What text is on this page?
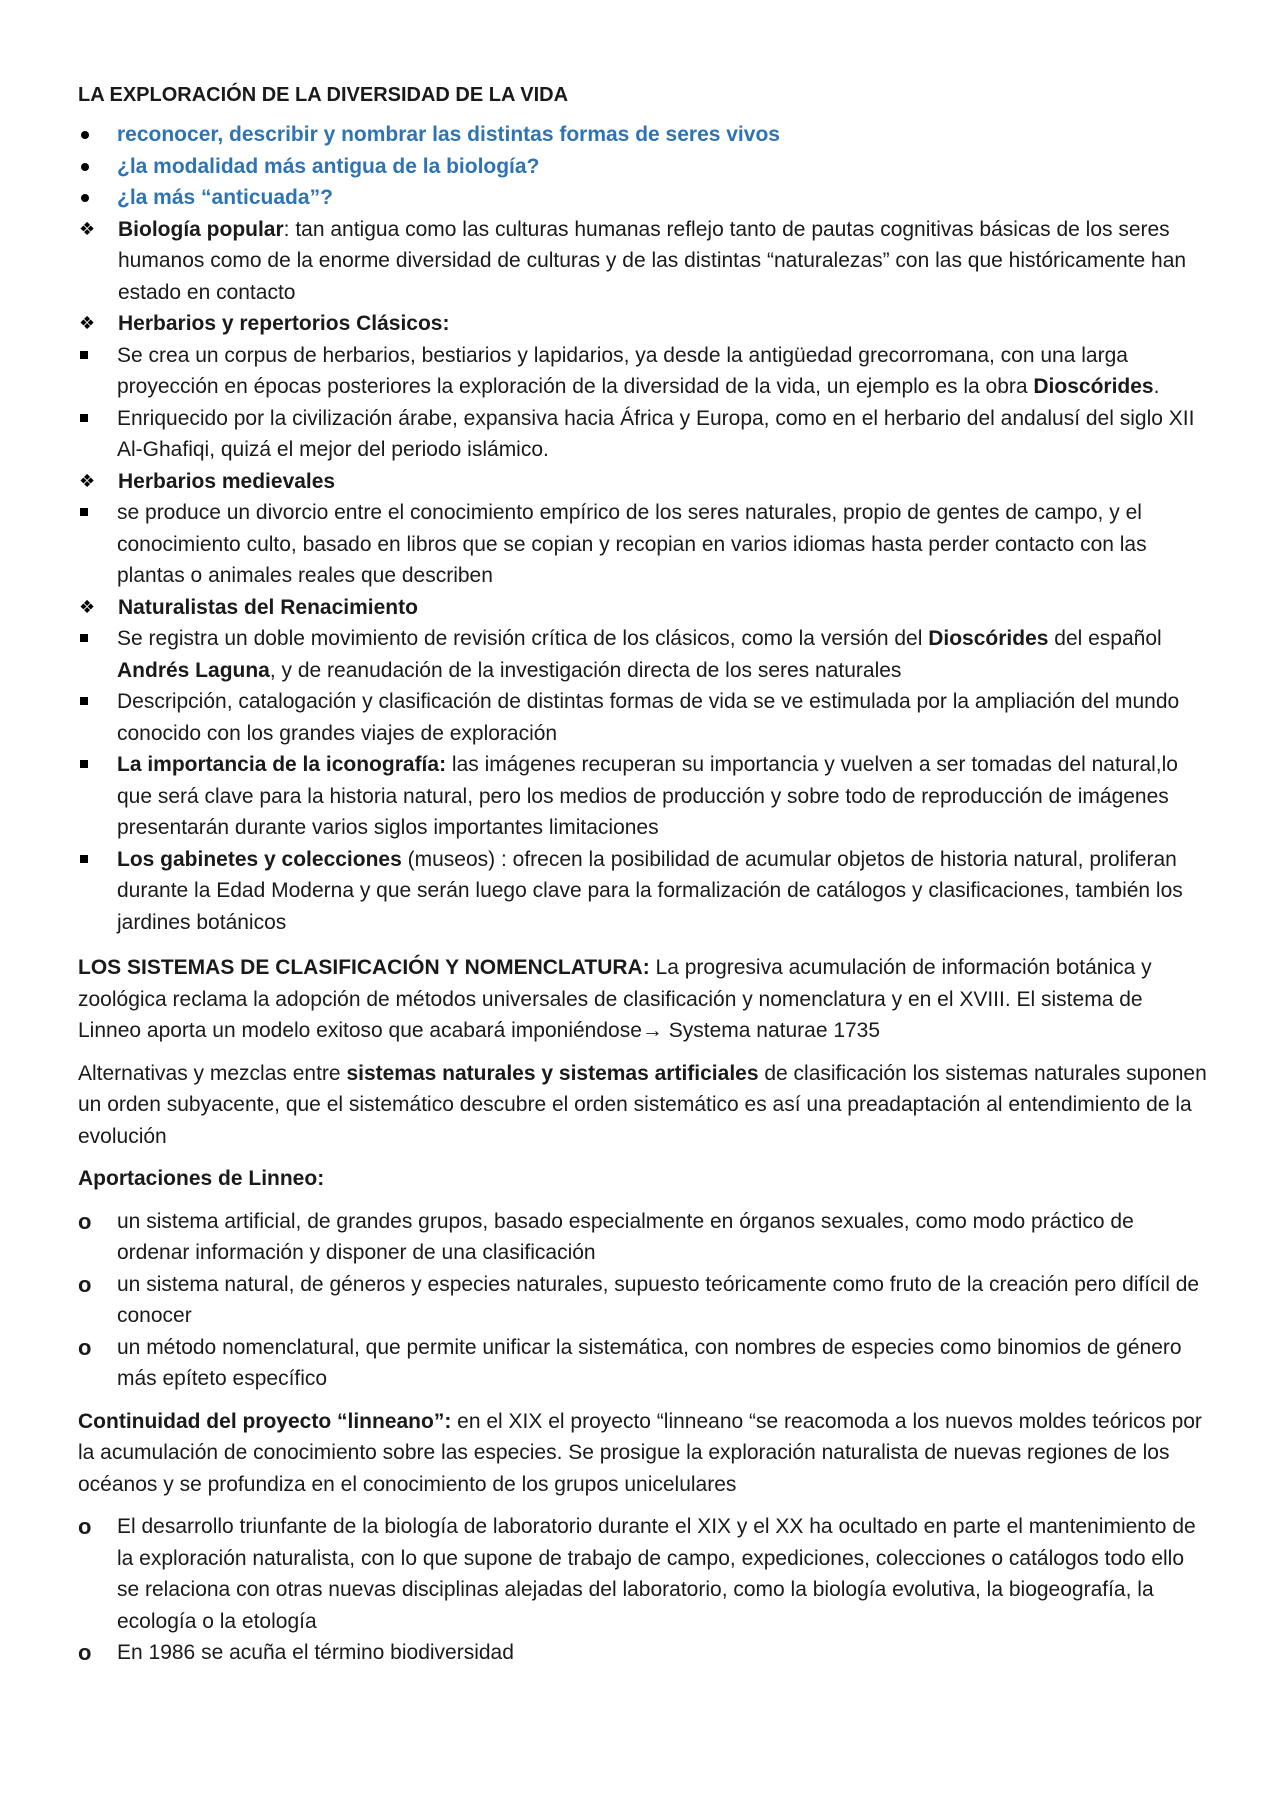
LA EXPLORACIÓN DE LA DIVERSIDAD DE LA VIDA
reconocer, describir y nombrar las distintas formas de seres vivos
¿la modalidad más antigua de la biología?
¿la más “anticuada”?
❖	Biología popular: tan antigua como las culturas humanas reflejo tanto de pautas cognitivas básicas de los seres humanos como de la enorme diversidad de culturas y de las distintas “naturalezas” con las que históricamente han estado en contacto
❖	Herbarios y repertorios Clásicos:
Se crea un corpus de herbarios, bestiarios y lapidarios, ya desde la antigüedad grecorromana, con una larga proyección en épocas posteriores la exploración de la diversidad de la vida, un ejemplo es la obra Dioscórides.
Enriquecido por la civilización árabe, expansiva hacia África y Europa, como en el herbario del andalusí del siglo XII Al-Ghafiqi, quizá el mejor del periodo islámico.
❖	Herbarios medievales
se produce un divorcio entre el conocimiento empírico de los seres naturales, propio de gentes de campo, y el conocimiento culto, basado en libros que se copian y recopian en varios idiomas hasta perder contacto con las plantas o animales reales que describen
❖	Naturalistas del Renacimiento
Se registra un doble movimiento de revisión crítica de los clásicos, como la versión del Dioscórides del español Andrés Laguna, y de reanudación de la investigación directa de los seres naturales
Descripción, catalogación y clasificación de distintas formas de vida se ve estimulada por la ampliación del mundo conocido con los grandes viajes de exploración
La importancia de la iconografía: las imágenes recuperan su importancia y vuelven a ser tomadas del natural,lo que será clave para la historia natural, pero los medios de producción y sobre todo de reproducción de imágenes presentarán durante varios siglos importantes limitaciones
Los gabinetes y colecciones (museos) : ofrecen la posibilidad de acumular objetos de historia natural, proliferan durante la Edad Moderna y que serán luego clave para la formalización de catálogos y clasificaciones, también los jardines botánicos

LOS SISTEMAS DE CLASIFICACIÓN Y NOMENCLATURA: La progresiva acumulación de información botánica y zoológica reclama la adopción de métodos universales de clasificación y nomenclatura y en el XVIII. El sistema de Linneo aporta un modelo exitoso que acabará imponiéndose→ Systema naturae 1735

Alternativas y mezclas entre sistemas naturales y sistemas artificiales de clasificación los sistemas naturales suponen un orden subyacente, que el sistemático descubre el orden sistemático es así una preadaptación al entendimiento de la evolución

Aportaciones de Linneo:

o	un sistema artificial, de grandes grupos, basado especialmente en órganos sexuales, como modo práctico de ordenar información y disponer de una clasificación
o	un sistema natural, de géneros y especies naturales, supuesto teóricamente como fruto de la creación pero difícil de conocer
o	un método nomenclatural, que permite unificar la sistemática, con nombres de especies como binomios de género más epíteto específico

Continuidad del proyecto “linneano”: en el XIX el proyecto “linneano “se reacomoda a los nuevos moldes teóricos por la acumulación de conocimiento sobre las especies. Se prosigue la exploración naturalista de nuevas regiones de los océanos y se profundiza en el conocimiento de los grupos unicelulares

o	El desarrollo triunfante de la biología de laboratorio durante el XIX y el XX ha ocultado en parte el mantenimiento de la exploración naturalista, con lo que supone de trabajo de campo, expediciones, colecciones o catálogos todo ello se relaciona con otras nuevas disciplinas alejadas del laboratorio, como la biología evolutiva, la biogeografía, la ecología o la etología
o	En 1986 se acuña el término biodiversidad
